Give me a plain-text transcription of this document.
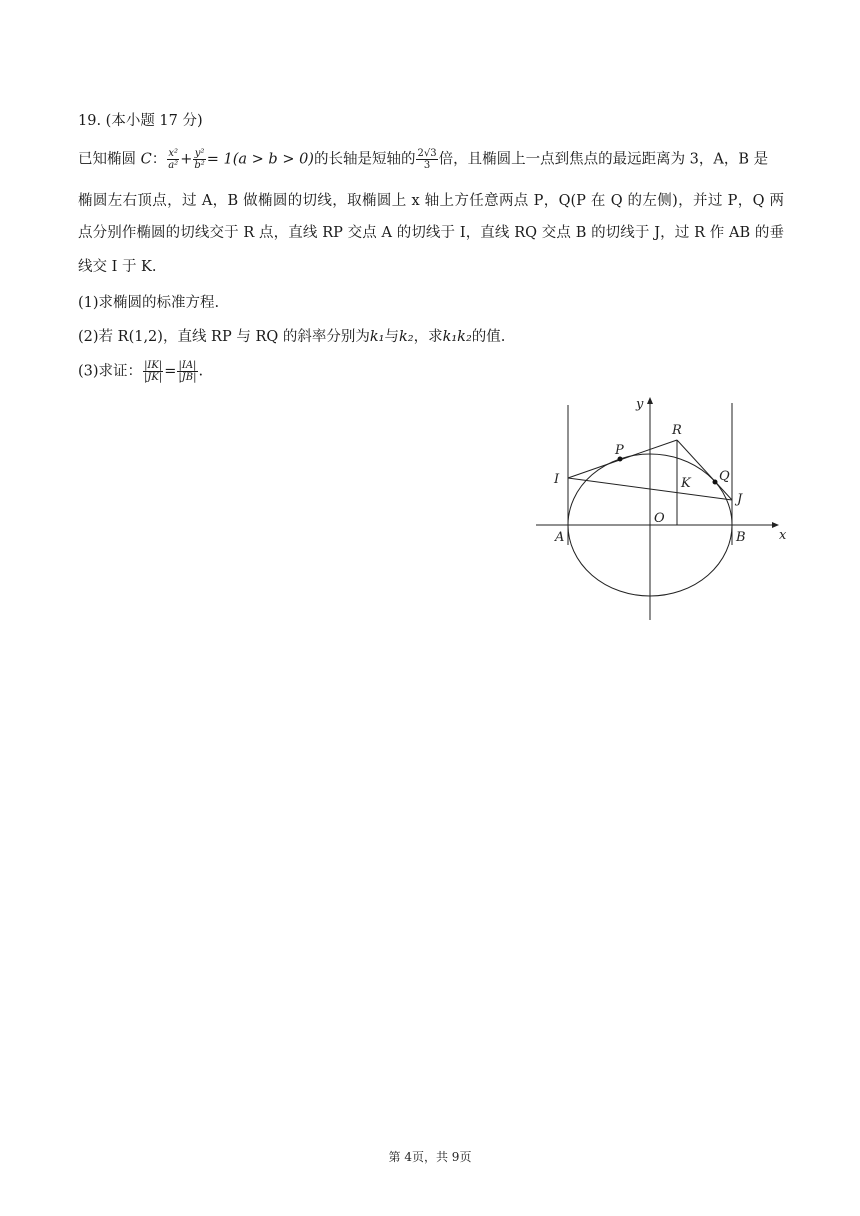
19. (本小题 17 分)
已知椭圆 C： $\frac{\text{x²}}{\text{a²}} + \frac{\text{y²}}{\text{b²}} = 1(a > b > 0)$的长轴是短轴的 $\frac{2√3}{3}$ 倍，且椭圆上一点到焦点的最远距离为 3，A，B 是
椭圆左右顶点，过 A，B 做椭圆的切线，取椭圆上 x 轴上方任意两点 P，Q(P 在 Q 的左侧)，并过 P，Q 两
点分别作椭圆的切线交于 R 点，直线 RP 交点 A 的切线于 I，直线 RQ 交点 B 的切线于 J，过 R 作 AB 的垂
线交 I 于 K.
(1)求椭圆的标准方程.
(2)若 R(1,2)，直线 RP 与 RQ 的斜率分别为k₁与k₂，求k₁k₂的值.
(3)求证： $\frac{|IK|}{|JK|} = \frac{|IA|}{|JB|}$ .
y
x
O
A	B
P
Q
R
I
J
K
第 4页，共 9页
